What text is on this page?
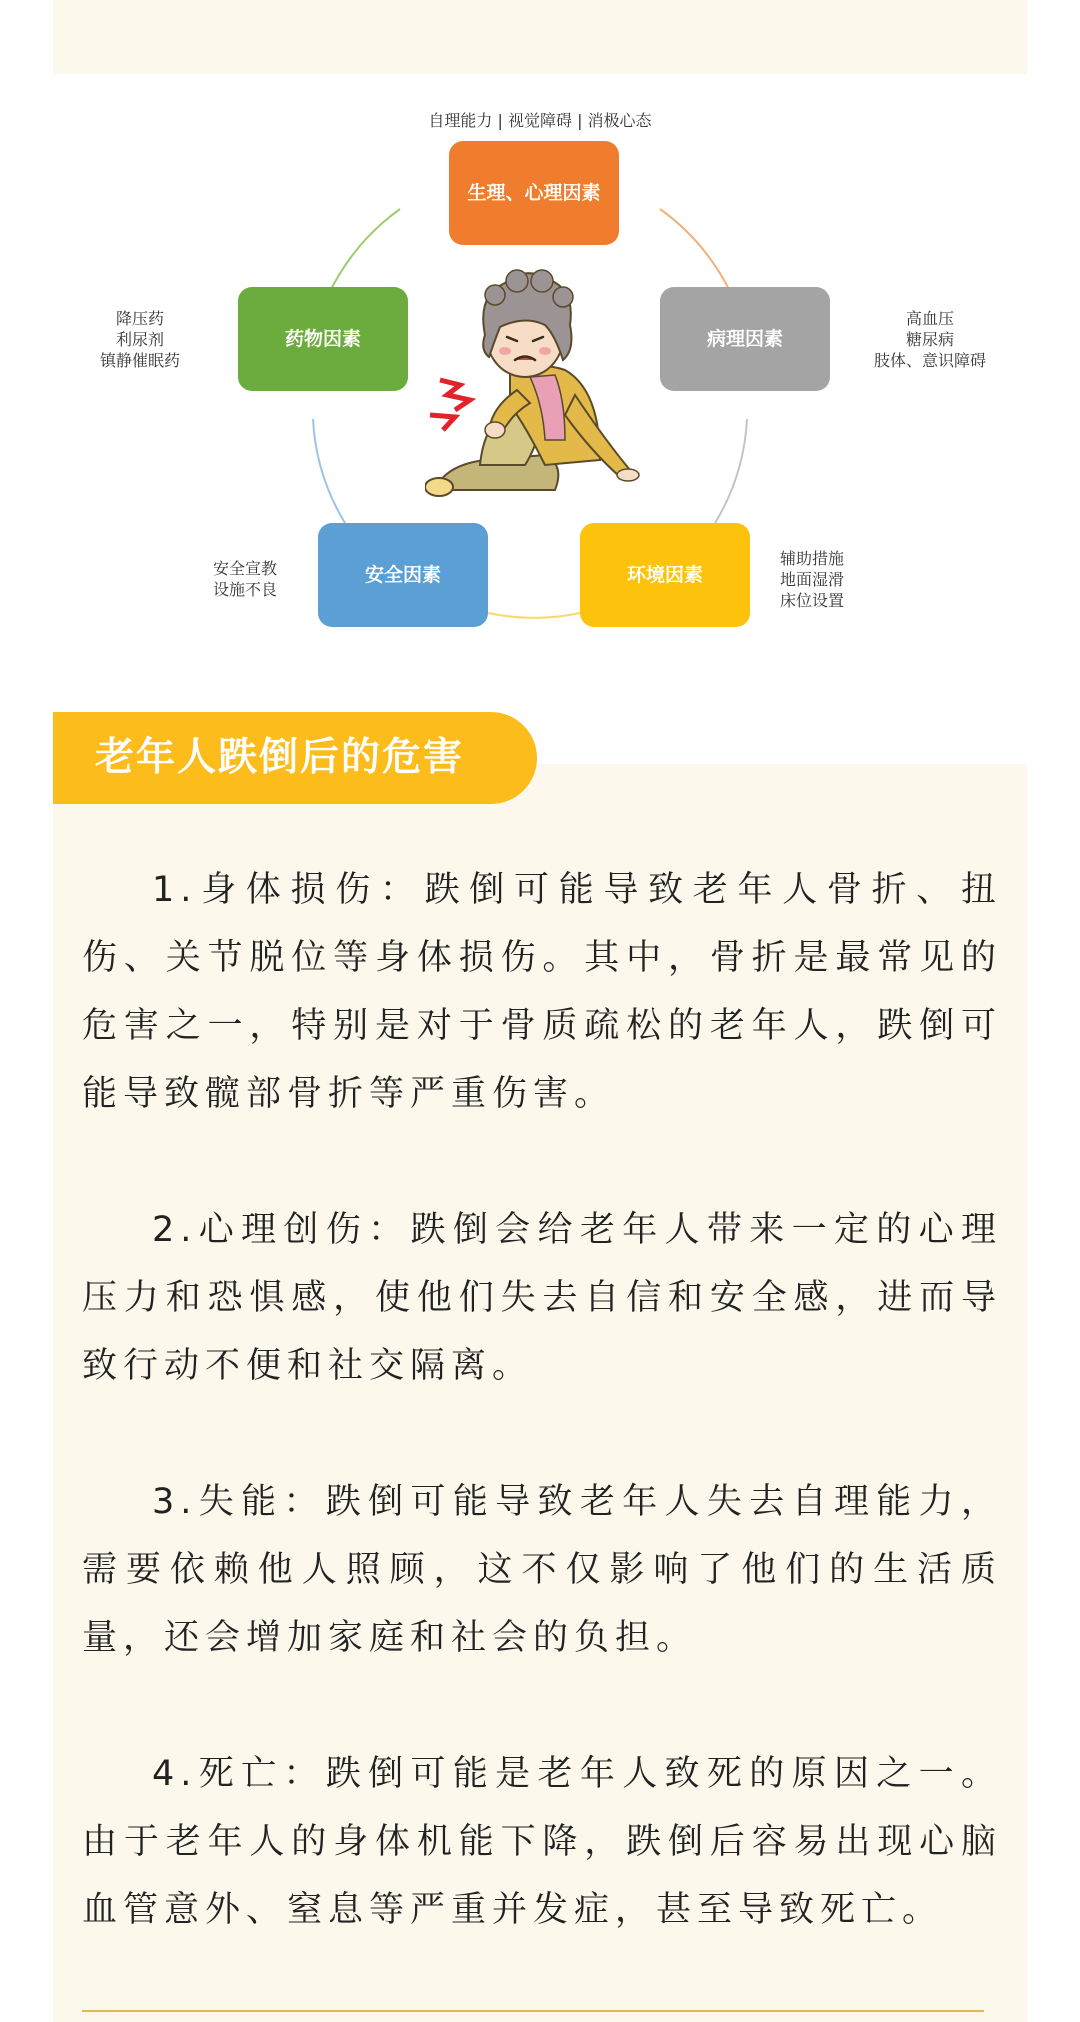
自理能力 | 视觉障碍 | 消极心态
生理、心理因素
降压药
利尿剂
镇静催眠药
药物因素	病理因素
高血压
糖尿病
肢体、意识障碍
安全宣教
设施不良
安全因素	环境因素
辅助措施
地面湿滑
床位设置
老年人跌倒后的危害

1.身体损伤：跌倒可能导致老年人骨折、扭伤、关节脱位等身体损伤。其中，骨折是最常见的危害之一，特别是对于骨质疏松的老年人，跌倒可能导致髋部骨折等严重伤害。

2.心理创伤：跌倒会给老年人带来一定的心理压力和恐惧感，使他们失去自信和安全感，进而导致行动不便和社交隔离。

3.失能：跌倒可能导致老年人失去自理能力，需要依赖他人照顾，这不仅影响了他们的生活质量，还会增加家庭和社会的负担。

4.死亡：跌倒可能是老年人致死的原因之一。由于老年人的身体机能下降，跌倒后容易出现心脑血管意外、窒息等严重并发症，甚至导致死亡。
